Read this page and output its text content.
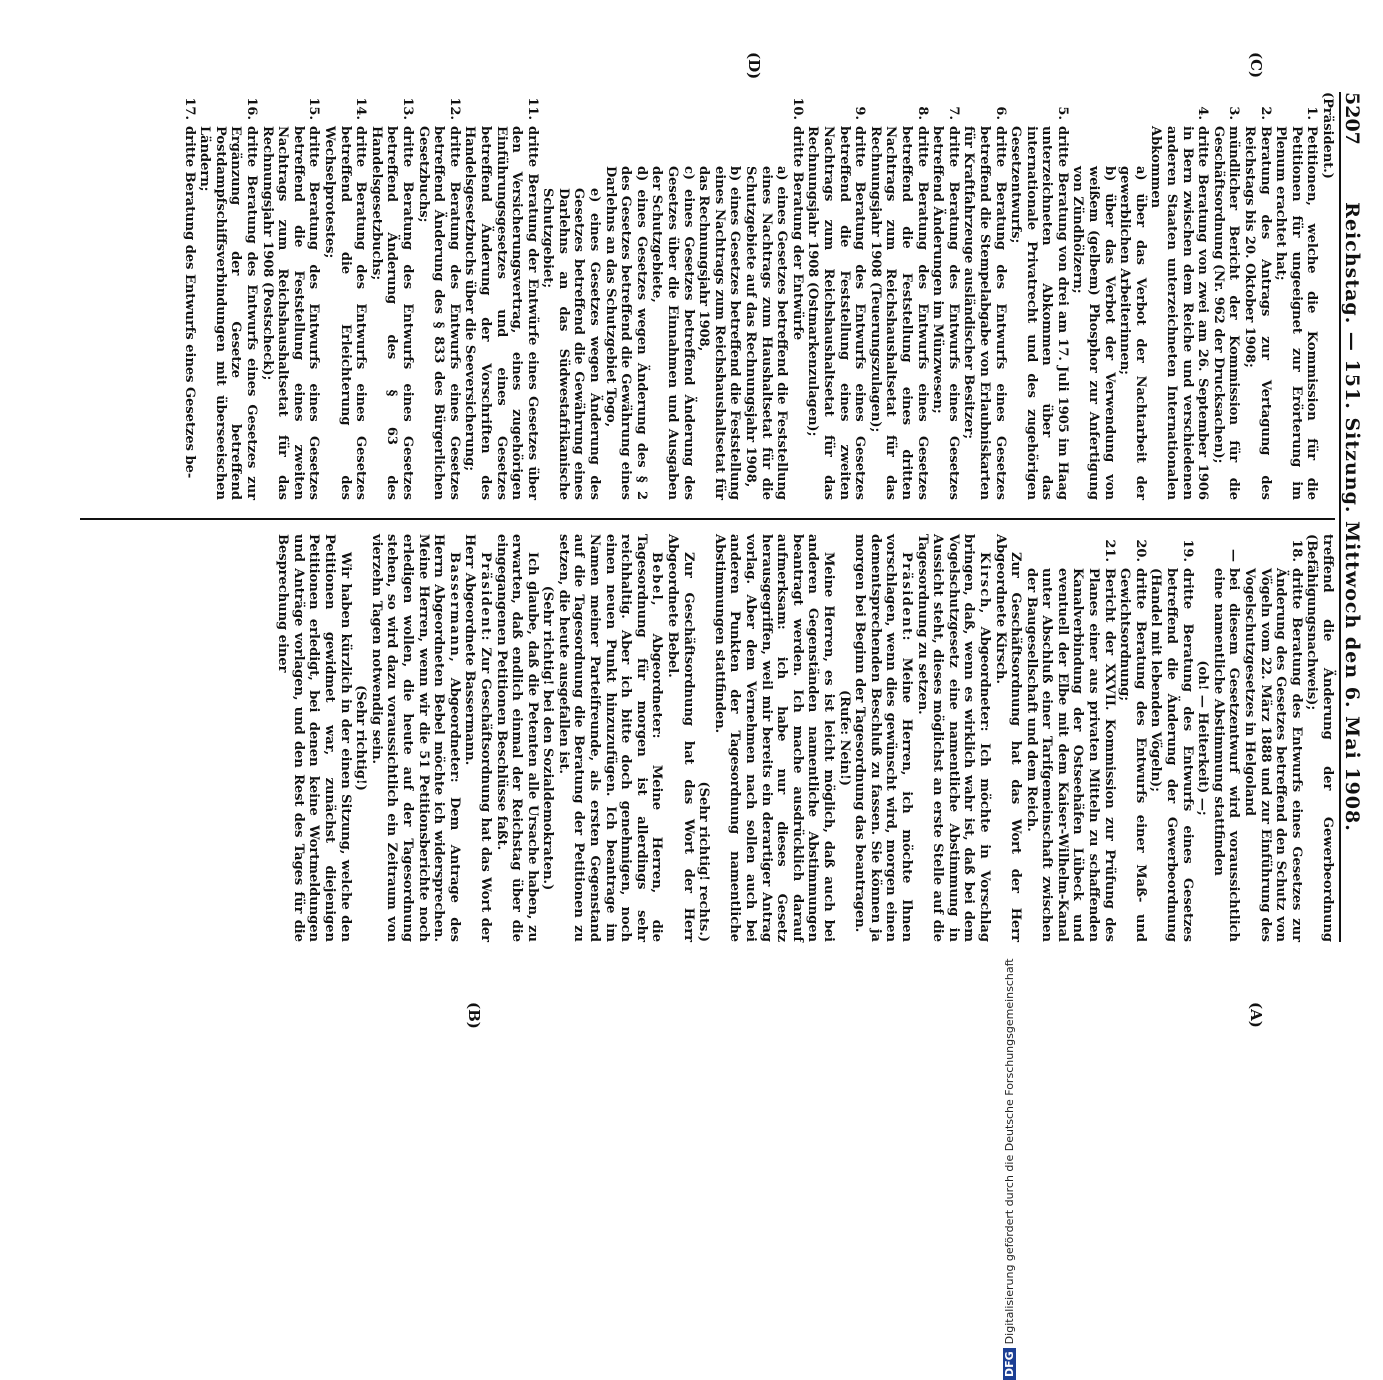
5207
Reichstag. — 151. Sitzung. Mittwoch den 6. Mai 1908.
(A)
(B)
(C)
(D)

(Präsident.)

1.
Petitionen, welche die Kommission für die Petitionen für ungeeignet zur Erörterung im Plenum erachtet hat;
2.
Beratung des Antrags zur Vertagung des Reichstags bis 20. Oktober 1908;
3.
mündlicher Bericht der Kommission für die Geschäftsordnung (Nr. 962 der Drucksachen);
4.
dritte Beratung von zwei am 26. September 1906 in Bern zwischen dem Reiche und verschiedenen anderen Staaten unterzeichneten Internationalen Abkommen
a) über das Verbot der Nachtarbeit der gewerblichen Arbeiterinnen;
b) über das Verbot der Verwendung von weißem (gelbem) Phosphor zur Anfertigung von Zündhölzern;
5.
dritte Beratung von drei am 17. Juli 1905 im Haag unterzeichneten Abkommen über das internationale Privatrecht und des zugehörigen Gesetzentwurfs;
6.
dritte Beratung des Entwurfs eines Gesetzes betreffend die Stempelabgabe von Erlaubniskarten für Kraftfahrzeuge ausländischer Besitzer;
7.
dritte Beratung des Entwurfs eines Gesetzes betreffend Änderungen im Münzwesen;
8.
dritte Beratung des Entwurfs eines Gesetzes betreffend die Feststellung eines dritten Nachtrags zum Reichshaushaltsetat für das Rechnungsjahr 1908 (Teuerungszulagen);
9.
dritte Beratung des Entwurfs eines Gesetzes betreffend die Feststellung eines zweiten Nachtrags zum Reichshaushaltsetat für das Rechnungsjahr 1908 (Ostmarkenzulagen);
10.
dritte Beratung der Entwürfe
a) eines Gesetzes betreffend die Feststellung eines Nachtrags zum Haushaltsetat für die Schutzgebiete auf das Rechnungsjahr 1908,
b) eines Gesetzes betreffend die Feststellung eines Nachtrags zum Reichshaushaltsetat für das Rechnungsjahr 1908,
c) eines Gesetzes betreffend Änderung des Gesetzes über die Einnahmen und Ausgaben der Schutzgebiete,
d) eines Gesetzes wegen Änderung des § 2 des Gesetzes betreffend die Gewährung eines Darlehns an das Schutzgebiet Togo,
e) eines Gesetzes wegen Änderung des Gesetzes betreffend die Gewährung eines Darlehns an das Südwestafrikanische Schutzgebiet;
11.
dritte Beratung der Entwürfe eines Gesetzes über den Versicherungsvertrag, eines zugehörigen Einführungsgesetzes und eines Gesetzes betreffend Änderung der Vorschriften des Handelsgesetzbuchs über die Seeversicherung;
12.
dritte Beratung des Entwurfs eines Gesetzes betreffend Änderung des § 833 des Bürgerlichen Gesetzbuchs;
13.
dritte Beratung des Entwurfs eines Gesetzes betreffend Änderung des § 63 des Handelsgesetzbuchs;
14.
dritte Beratung des Entwurfs eines Gesetzes betreffend die Erleichterung des Wechselprotestes;
15.
dritte Beratung des Entwurfs eines Gesetzes betreffend die Feststellung eines zweiten Nachtrags zum Reichshaushaltsetat für das Rechnungsjahr 1908 (Postscheck);
16.
dritte Beratung des Entwurfs eines Gesetzes zur Ergänzung der Gesetze betreffend Postdampfschiffsverbindungen mit überseeischen Ländern;
17.
dritte Beratung des Entwurfs eines Gesetzes be-

treffend die Änderung der Gewerbeordnung (Befähigungsnachweis);

18.
dritte Beratung des Entwurfs eines Gesetzes zur Änderung des Gesetzes betreffend den Schutz von Vögeln vom 22. März 1888 und zur Einführung des Vogelschutzgesetzes in Helgoland
—
bei diesem Gesetzentwurf wird voraussichtlich eine namentliche Abstimmung stattfinden

(oh! — Heiterkeit) —;

19.
dritte Beratung des Entwurfs eines Gesetzes betreffend die Änderung der Gewerbeordnung (Handel mit lebenden Vögeln);
20.
dritte Beratung des Entwurfs einer Maß- und Gewichtsordnung;
21.
Bericht der XXVII. Kommission zur Prüfung des Planes einer aus privaten Mitteln zu schaffenden Kanalverbindung der Ostseehäfen Lübeck und eventuell der Elbe mit dem Kaiser-Wilhelm-Kanal unter Abschluß einer Tarifgemeinschaft zwischen der Baugesellschaft und dem Reich.

Zur Geschäftsordnung hat das Wort der Herr Abgeordnete Kirsch.

Kirsch, Abgeordneter: Ich möchte in Vorschlag bringen, daß, wenn es wirklich wahr ist, daß bei dem Vogelschutzgesetz eine namentliche Abstimmung in Aussicht steht, dieses möglichst an erste Stelle auf die Tagesordnung zu setzen.

Präsident: Meine Herren, ich möchte Ihnen vorschlagen, wenn dies gewünscht wird, morgen einen dementsprechenden Beschluß zu fassen. Sie können ja morgen bei Beginn der Tagesordnung das beantragen.

(Rufe: Nein!)

Meine Herren, es ist leicht möglich, daß auch bei anderen Gegenständen namentliche Abstimmungen beantragt werden. Ich mache ausdrücklich darauf aufmerksam: ich habe nur dieses Gesetz herausgegriffen, weil mir bereits ein derartiger Antrag vorlag. Aber dem Vernehmen nach sollen auch bei anderen Punkten der Tagesordnung namentliche Abstimmungen stattfinden.

(Sehr richtig! rechts.)

Zur Geschäftsordnung hat das Wort der Herr Abgeordnete Bebel.

Bebel, Abgeordneter: Meine Herren, die Tagesordnung für morgen ist allerdings sehr reichhaltig. Aber ich bitte doch genehmigen, noch einen neuen Punkt hinzuzufügen. Ich beantrage im Namen meiner Parteifreunde, als ersten Gegenstand auf die Tagesordnung die Beratung der Petitionen zu setzen, die heute ausgefallen ist.

(Sehr richtig! bei den Sozialdemokraten.)

Ich glaube, daß die Petenten alle Ursache haben, zu erwarten, daß endlich einmal der Reichstag über die eingegangenen Petitionen Beschlüsse faßt.

Präsident: Zur Geschäftsordnung hat das Wort der Herr Abgeordnete Bassermann.

Bassermann, Abgeordneter: Dem Antrage des Herrn Abgeordneten Bebel möchte ich widersprechen. Meine Herren, wenn wir die 51 Petitionsberichte noch erledigen wollen, die heute auf der Tagesordnung stehen, so wird dazu voraussichtlich ein Zeitraum von vierzehn Tagen notwendig sein.

(Sehr richtig!)

Wir haben kürzlich in der einen Sitzung, welche den Petitionen gewidmet war, zunächst diejenigen Petitionen erledigt, bei denen keine Wortmeldungen und Anträge vorlagen, und den Rest des Tages für die Besprechung einer

DFGDigitalisierung gefördert durch die Deutsche Forschungsgemeinschaft
